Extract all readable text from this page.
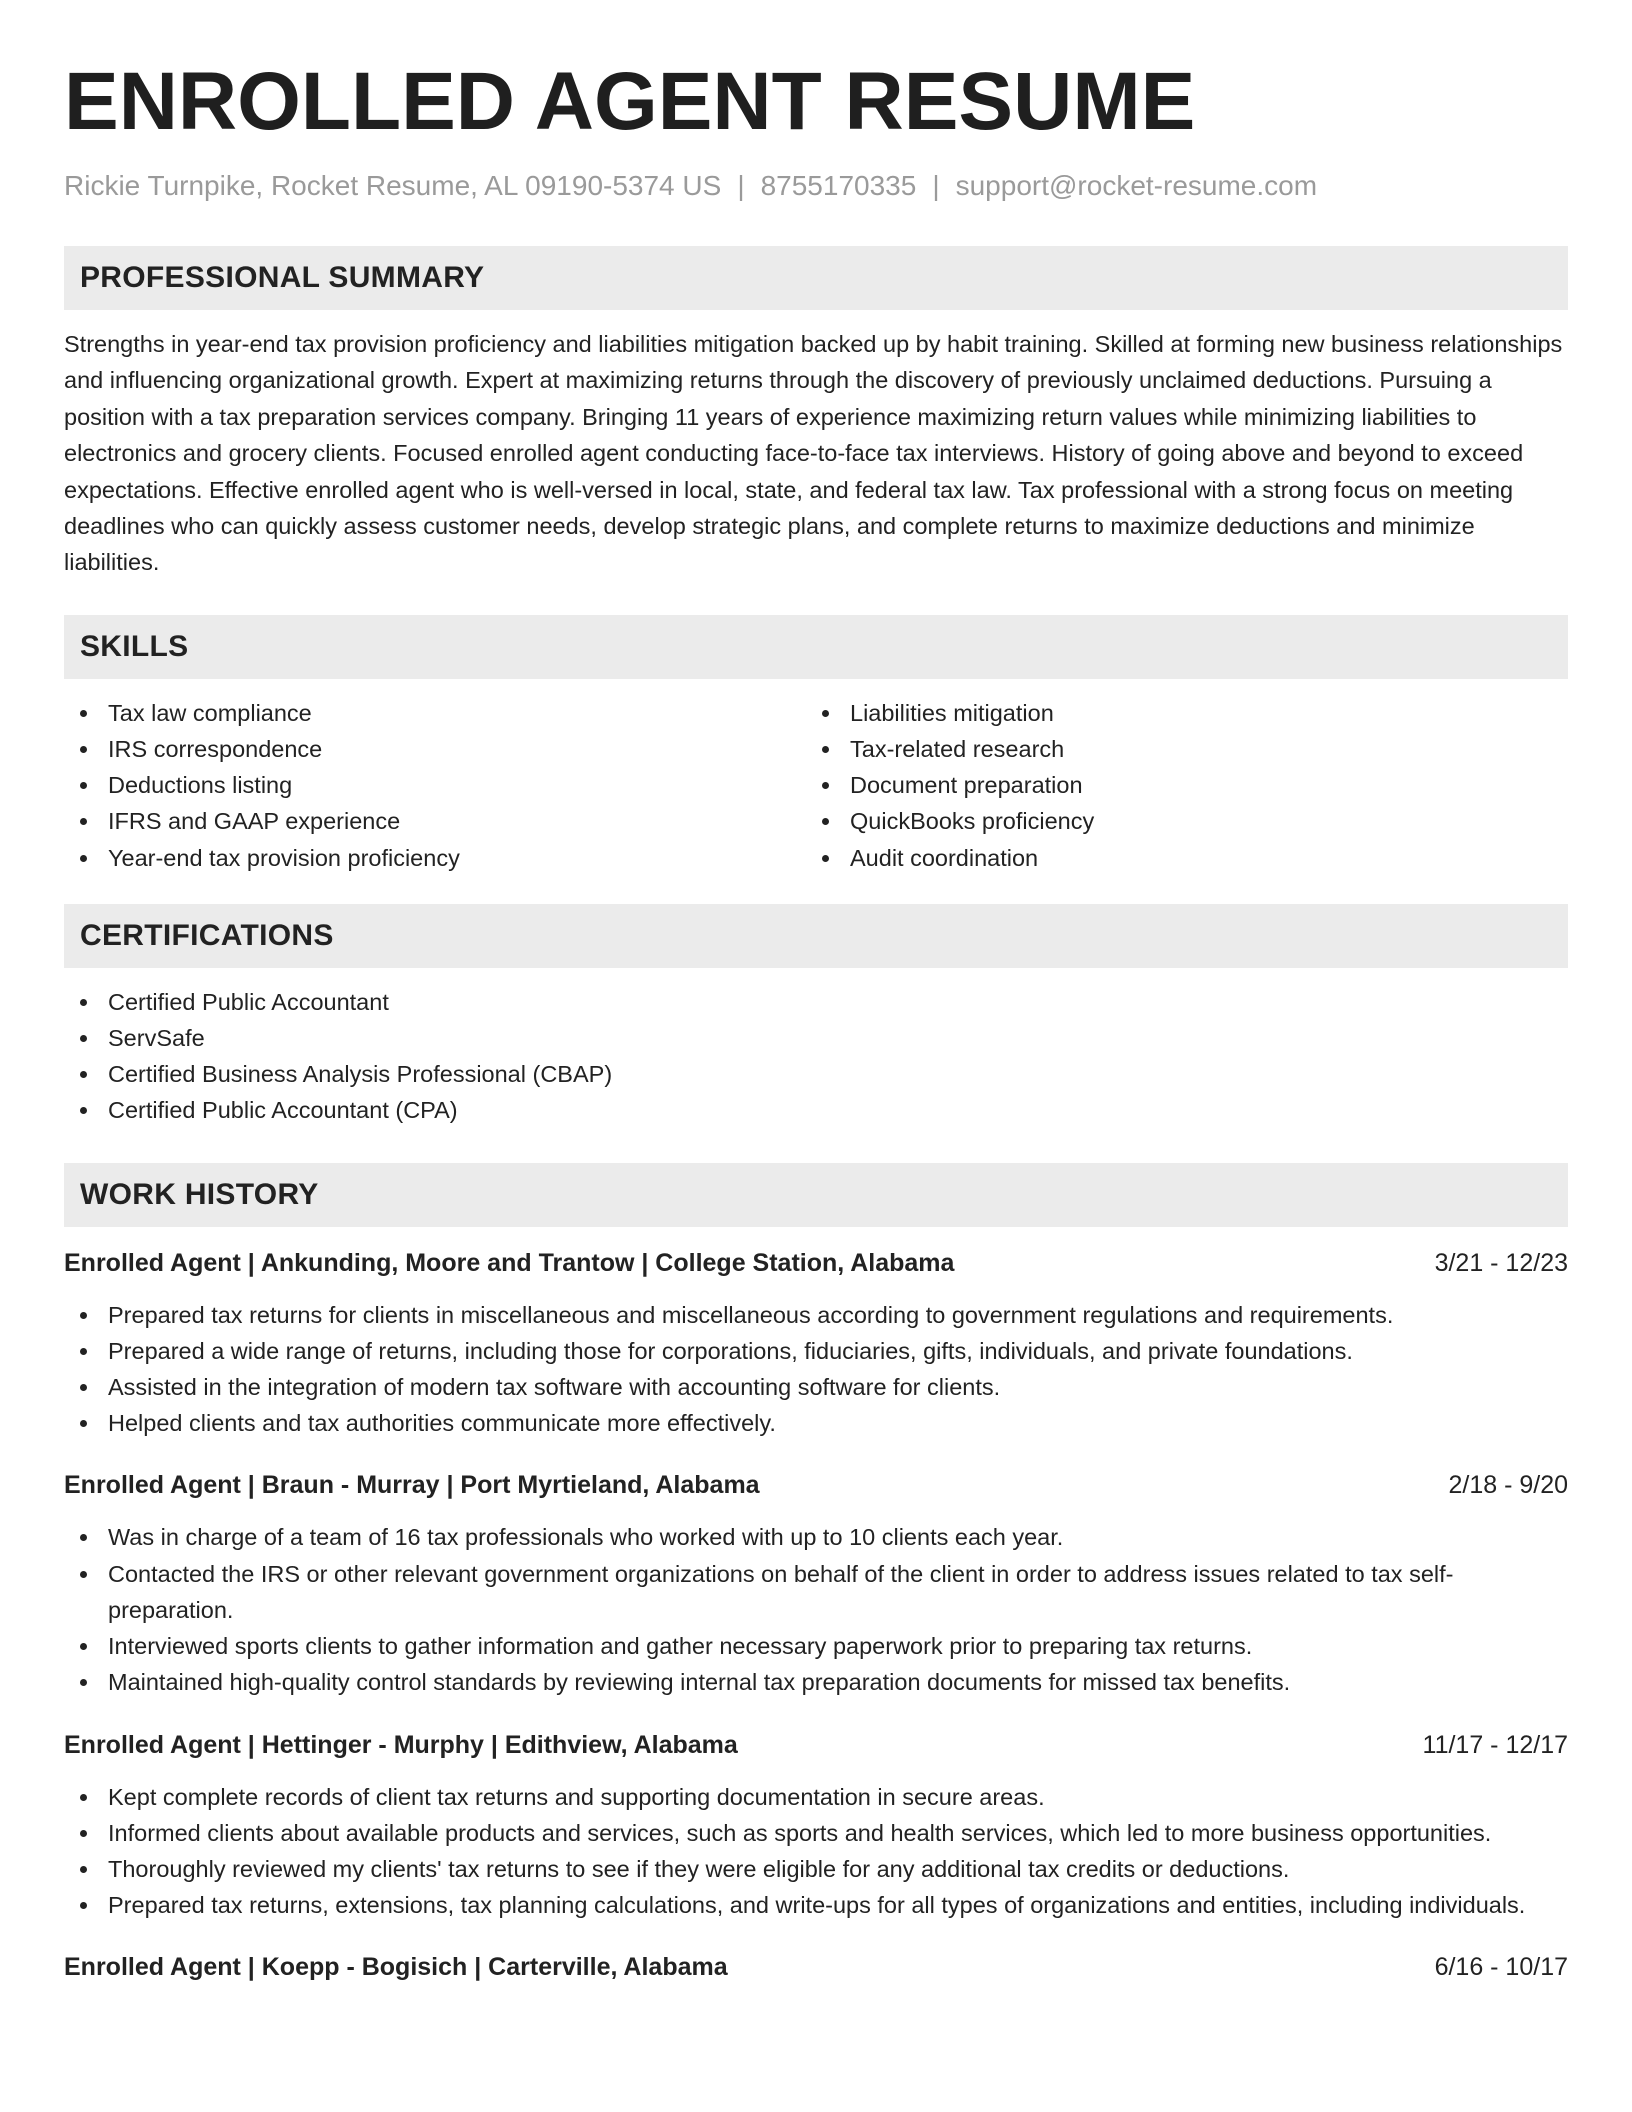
ENROLLED AGENT RESUME
Rickie Turnpike, Rocket Resume, AL 09190-5374 US | 8755170335 | support@rocket-resume.com
PROFESSIONAL SUMMARY
Strengths in year-end tax provision proficiency and liabilities mitigation backed up by habit training. Skilled at forming new business relationships and influencing organizational growth. Expert at maximizing returns through the discovery of previously unclaimed deductions. Pursuing a position with a tax preparation services company. Bringing 11 years of experience maximizing return values while minimizing liabilities to electronics and grocery clients. Focused enrolled agent conducting face-to-face tax interviews. History of going above and beyond to exceed expectations. Effective enrolled agent who is well-versed in local, state, and federal tax law. Tax professional with a strong focus on meeting deadlines who can quickly assess customer needs, develop strategic plans, and complete returns to maximize deductions and minimize liabilities.
SKILLS
Tax law compliance
IRS correspondence
Deductions listing
IFRS and GAAP experience
Year-end tax provision proficiency
Liabilities mitigation
Tax-related research
Document preparation
QuickBooks proficiency
Audit coordination
CERTIFICATIONS
Certified Public Accountant
ServSafe
Certified Business Analysis Professional (CBAP)
Certified Public Accountant (CPA)
WORK HISTORY
Enrolled Agent | Ankunding, Moore and Trantow | College Station, Alabama	3/21 - 12/23
Prepared tax returns for clients in miscellaneous and miscellaneous according to government regulations and requirements.
Prepared a wide range of returns, including those for corporations, fiduciaries, gifts, individuals, and private foundations.
Assisted in the integration of modern tax software with accounting software for clients.
Helped clients and tax authorities communicate more effectively.
Enrolled Agent | Braun - Murray | Port Myrtieland, Alabama	2/18 - 9/20
Was in charge of a team of 16 tax professionals who worked with up to 10 clients each year.
Contacted the IRS or other relevant government organizations on behalf of the client in order to address issues related to tax self-preparation.
Interviewed sports clients to gather information and gather necessary paperwork prior to preparing tax returns.
Maintained high-quality control standards by reviewing internal tax preparation documents for missed tax benefits.
Enrolled Agent | Hettinger - Murphy | Edithview, Alabama	11/17 - 12/17
Kept complete records of client tax returns and supporting documentation in secure areas.
Informed clients about available products and services, such as sports and health services, which led to more business opportunities.
Thoroughly reviewed my clients' tax returns to see if they were eligible for any additional tax credits or deductions.
Prepared tax returns, extensions, tax planning calculations, and write-ups for all types of organizations and entities, including individuals.
Enrolled Agent | Koepp - Bogisich | Carterville, Alabama	6/16 - 10/17
